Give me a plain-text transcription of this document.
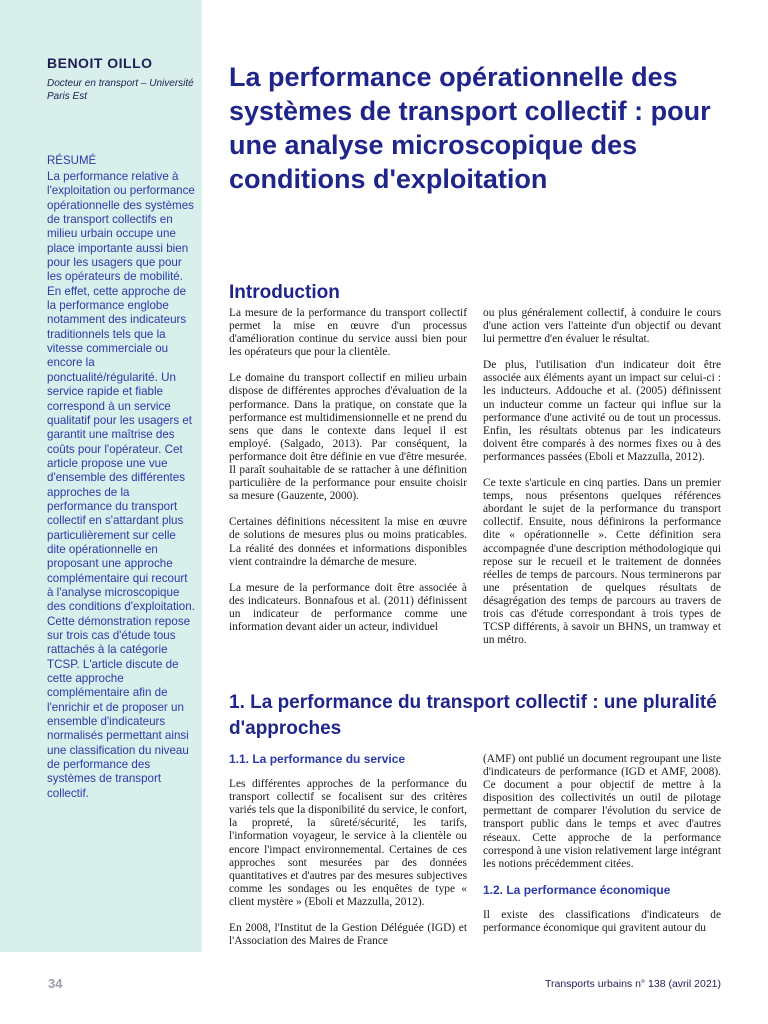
BENOIT OILLO

Docteur en transport – Université Paris Est

RÉSUMÉ

La performance relative à l'exploitation ou performance opérationnelle des systèmes de transport collectifs en milieu urbain occupe une place importante aussi bien pour les usagers que pour les opérateurs de mobilité. En effet, cette approche de la performance englobe notamment des indicateurs traditionnels tels que la vitesse commerciale ou encore la ponctualité/régularité. Un service rapide et fiable correspond à un service qualitatif pour les usagers et garantit une maîtrise des coûts pour l'opérateur. Cet article propose une vue d'ensemble des différentes approches de la performance du transport collectif en s'attardant plus particulièrement sur celle dite opérationnelle en proposant une approche complémentaire qui recourt à l'analyse microscopique des conditions d'exploitation. Cette démonstration repose sur trois cas d'étude tous rattachés à la catégorie TCSP. L'article discute de cette approche complémentaire afin de l'enrichir et de proposer un ensemble d'indicateurs normalisés permettant ainsi une classification du niveau de performance des systèmes de transport collectif.

La performance opérationnelle des systèmes de transport collectif : pour une analyse microscopique des conditions d'exploitation
Introduction

La mesure de la performance du transport collectif permet la mise en œuvre d'un processus d'amélioration continue du service aussi bien pour les opérateurs que pour la clientèle.

Le domaine du transport collectif en milieu urbain dispose de différentes approches d'évaluation de la performance. Dans la pratique, on constate que la performance est multidimensionnelle et ne prend du sens que dans le contexte dans lequel il est employé. (Salgado, 2013). Par conséquent, la performance doit être définie en vue d'être mesurée. Il paraît souhaitable de se rattacher à une définition particulière de la performance pour ensuite choisir sa mesure (Gauzente, 2000).

Certaines définitions nécessitent la mise en œuvre de solutions de mesures plus ou moins praticables. La réalité des données et informations disponibles vient contraindre la démarche de mesure.

La mesure de la performance doit être associée à des indicateurs. Bonnafous et al. (2011) définissent un indicateur de performance comme une information devant aider un acteur, individuel

ou plus généralement collectif, à conduire le cours d'une action vers l'atteinte d'un objectif ou devant lui permettre d'en évaluer le résultat.

De plus, l'utilisation d'un indicateur doit être associée aux éléments ayant un impact sur celui-ci : les inducteurs. Addouche et al. (2005) définissent un inducteur comme un facteur qui influe sur la performance d'une activité ou de tout un processus. Enfin, les résultats obtenus par les indicateurs doivent être comparés à des normes fixes ou à des performances passées (Eboli et Mazzulla, 2012).

Ce texte s'articule en cinq parties. Dans un premier temps, nous présentons quelques références abordant le sujet de la performance du transport collectif. Ensuite, nous définirons la performance dite « opérationnelle ». Cette définition sera accompagnée d'une description méthodologique qui repose sur le recueil et le traitement de données réelles de temps de parcours. Nous terminerons par une présentation de quelques résultats de désagrégation des temps de parcours au travers de trois cas d'étude correspondant à trois types de TCSP différents, à savoir un BHNS, un tramway et un métro.

1. La performance du transport collectif : une pluralité d'approches
1.1. La performance du service

Les différentes approches de la performance du transport collectif se focalisent sur des critères variés tels que la disponibilité du service, le confort, la propreté, la sûreté/sécurité, les tarifs, l'information voyageur, le service à la clientèle ou encore l'impact environnemental. Certaines de ces approches sont mesurées par des données quantitatives et d'autres par des mesures subjectives comme les sondages ou les enquêtes de type « client mystère » (Eboli et Mazzulla, 2012).

En 2008, l'Institut de la Gestion Déléguée (IGD) et l'Association des Maires de France

(AMF) ont publié un document regroupant une liste d'indicateurs de performance (IGD et AMF, 2008). Ce document a pour objectif de mettre à la disposition des collectivités un outil de pilotage permettant de comparer l'évolution du service de transport public dans le temps et avec d'autres réseaux. Cette approche de la performance correspond à une vision relativement large intégrant les notions précédemment citées.

1.2. La performance économique

Il existe des classifications d'indicateurs de performance économique qui gravitent autour du

34	Transports urbains n° 138 (avril 2021)
